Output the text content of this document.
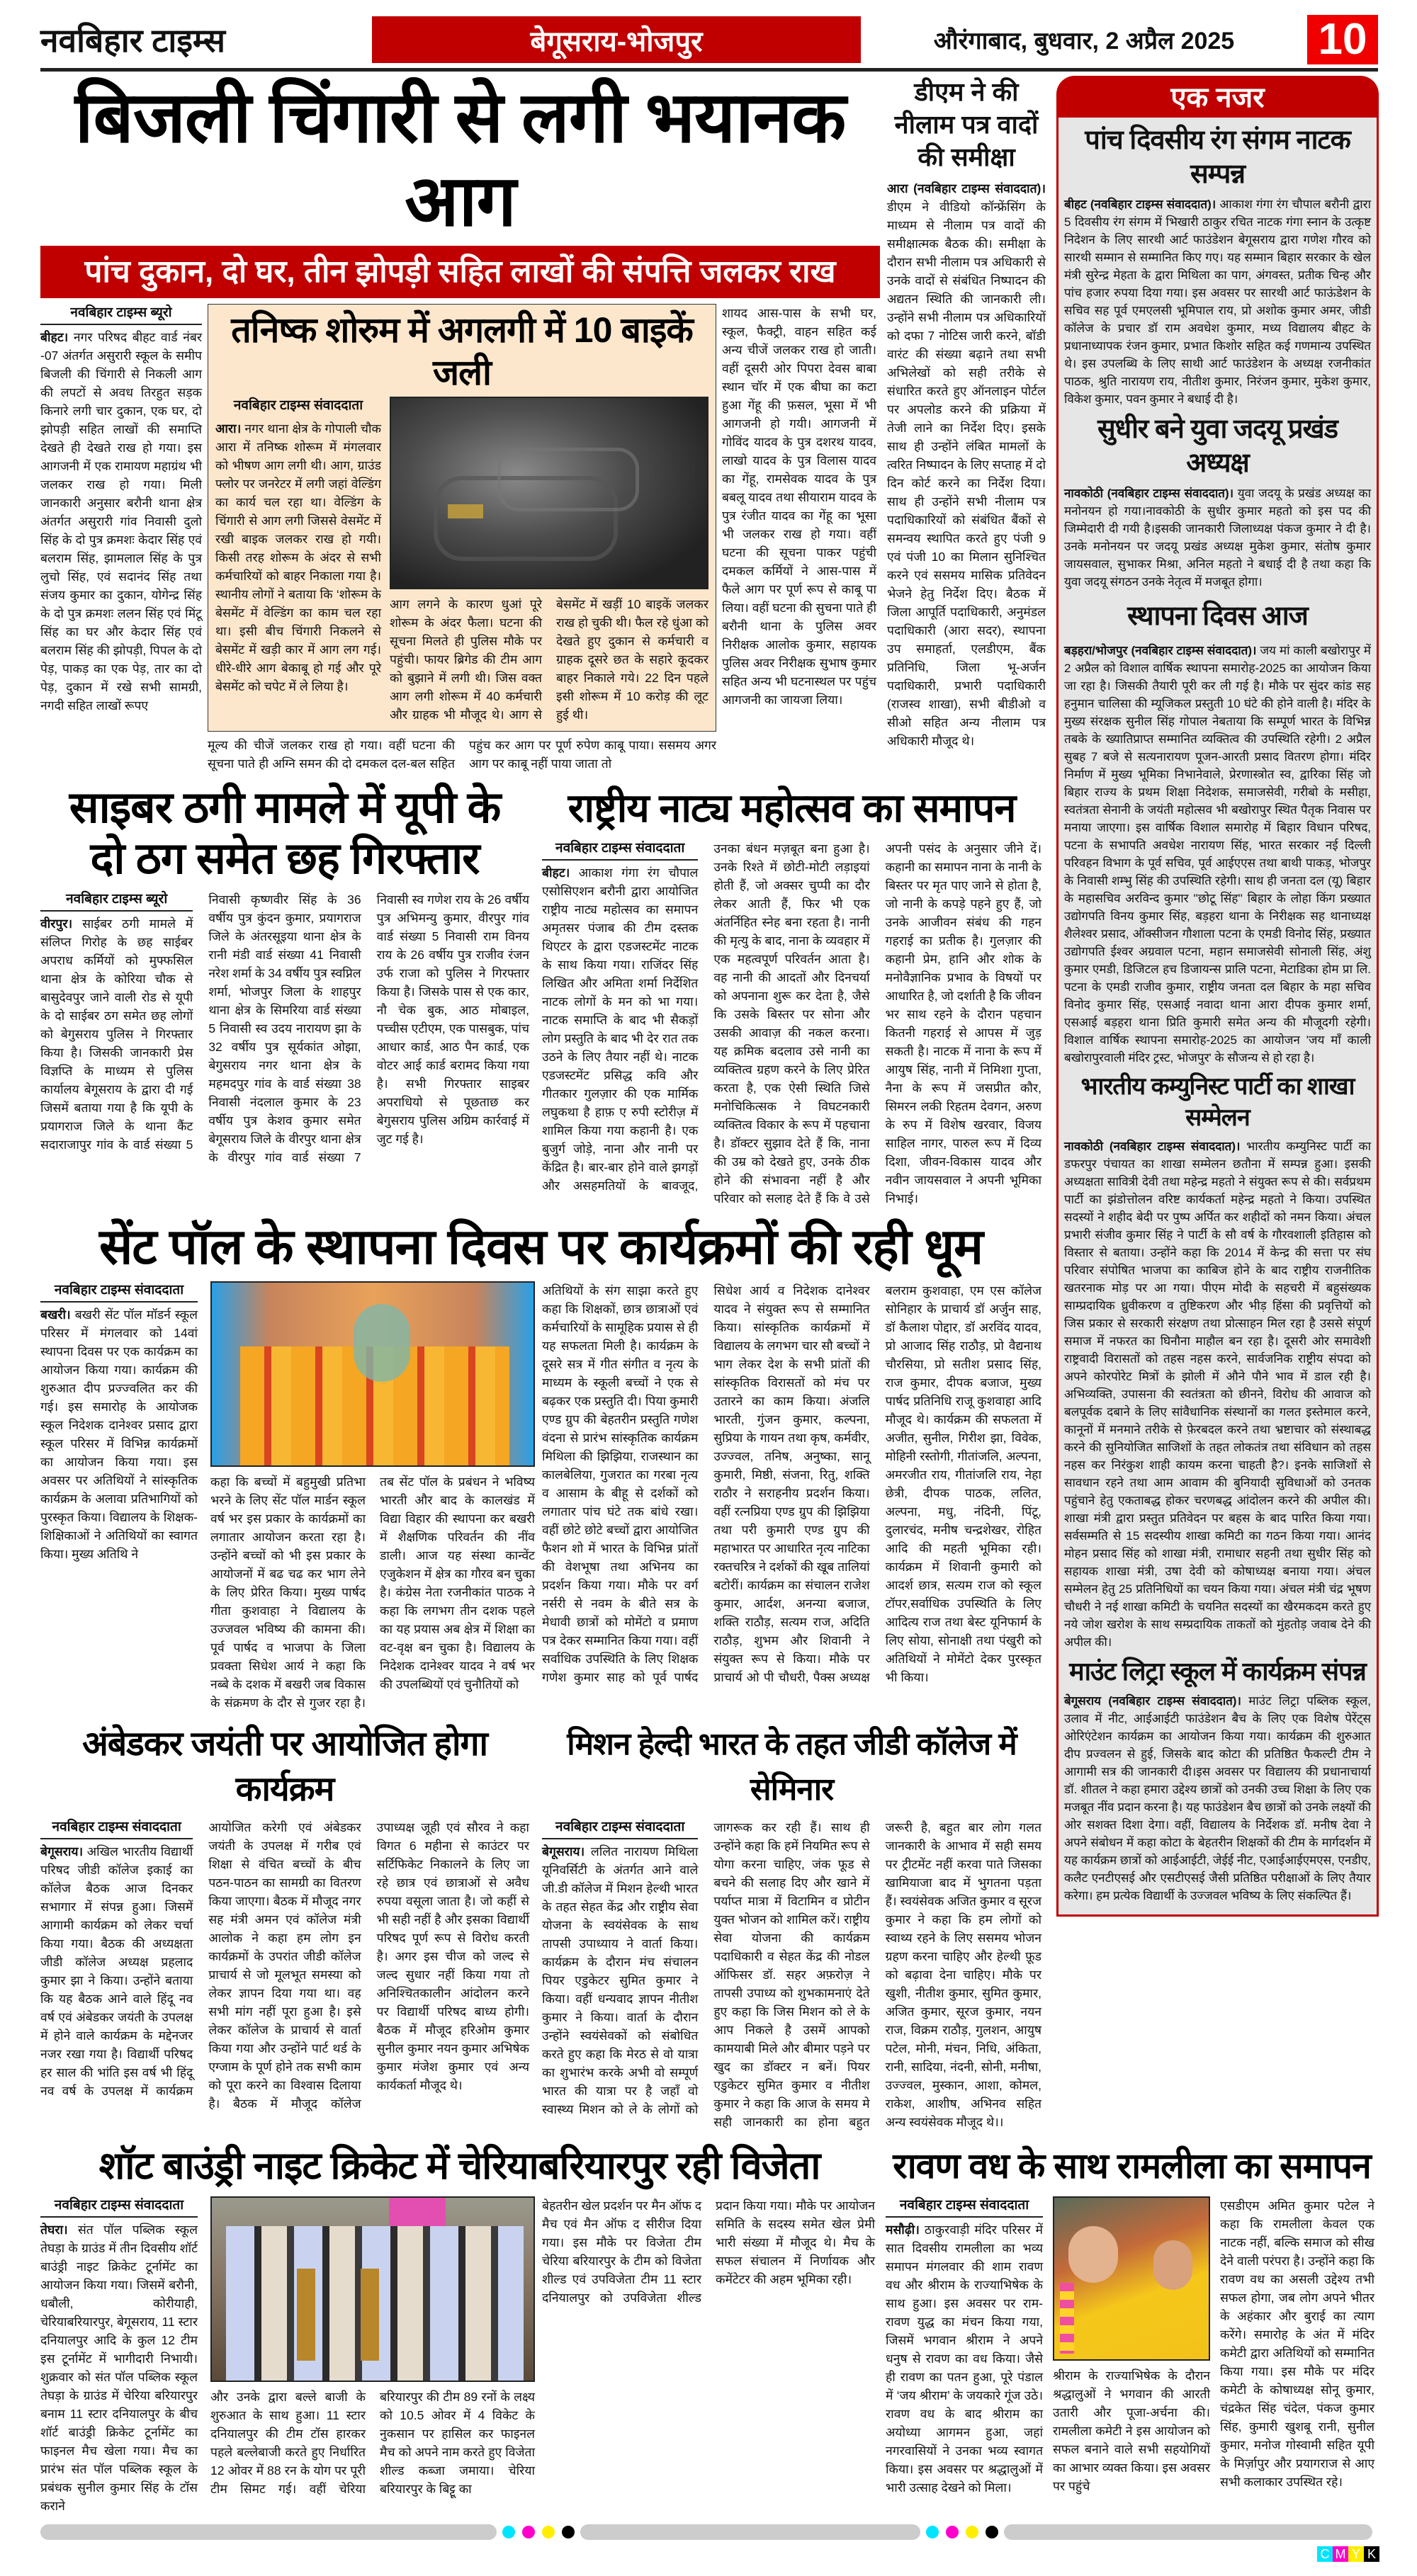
नवबिहार टाइम्स	बेगूसराय-भोजपुर	औरंगाबाद, बुधवार, 2 अप्रैल 2025	10
बिजली चिंगारी से लगी भयानक आग
पांच दुकान, दो घर, तीन झोपड़ी सहित लाखों की संपत्ति जलकर राख
नवबिहार टाइम्स ब्यूरो
बीहट। नगर परिषद बीहट वार्ड नंबर -07 अंतर्गत असुरारी स्कूल के समीप बिजली की चिंगारी से निकली आग की लपटों से अवध तिरहुत सड़क किनारे लगी चार दुकान, एक घर, दो झोपड़ी सहित लाखों की समाप्ति देखते ही देखते राख हो गया। इस आगजनी में एक रामायण महाग्रंथ भी जलकर राख हो गया। मिली जानकारी अनुसार बरौनी थाना क्षेत्र अंतर्गत असुरारी गांव निवासी दुलो सिंह के दो पुत्र क्रमशः केदार सिंह एवं बलराम सिंह, झामलाल सिंह के पुत्र लुचो सिंह, एवं सदानंद सिंह तथा संजय कुमार का दुकान, योगेन्द्र सिंह के दो पुत्र क्रमशः ललन सिंह एवं मिंटू सिंह का घर और केदार सिंह एवं बलराम सिंह की झोपड़ी, पिपल के दो पेड़, पाकड़ का एक पेड़, तार का दो पेड़, दुकान में रखे सभी सामग्री, नगदी सहित लाखों रूपए
तनिष्क शोरुम में अगलगी में 10 बाइकें जली
नवबिहार टाइम्स संवाददाता
आरा। नगर थाना क्षेत्र के गोपाली चौक आरा में तनिष्क शोरूम में मंगलवार को भीषण आग लगी थी। आग, ग्राउंड फ्लोर पर जनरेटर में लगी जहां वेल्डिंग का कार्य चल रहा था। वेल्डिंग के चिंगारी से आग लगी जिससे वेसमेंट में रखी बाइक जलकर राख हो गयी। किसी तरह शोरूम के अंदर से सभी कर्मचारियों को बाहर निकाला गया है। स्थानीय लोगों ने बताया कि ‘शोरूम के बेसमेंट में वेल्डिंग का काम चल रहा था। इसी बीच चिंगारी निकलने से बेसमेंट में खड़ी कार में आग लग गई। धीरे-धीरे आग बेकाबू हो गई और पूरे बेसमेंट को चपेट में ले लिया है।
आग लगने के कारण धुआं पूरे शोरूम के अंदर फैला। घटना की सूचना मिलते ही पुलिस मौके पर पहुंची। फायर ब्रिगेड की टीम आग को बुझाने में लगी थी। जिस वक्त आग लगी शोरूम में 40 कर्मचारी और ग्राहक भी मौजूद थे। आग से बेसमेंट में खड़ीं 10 बाइकें जलकर राख हो चुकी थी। फैल रहे धुंआ को देखते हुए दुकान से कर्मचारी व ग्राहक दूसरे छत के सहारे कूदकर बाहर निकाले गये। 22 दिन पहले इसी शोरूम में 10 करोड़ की लूट हुई थी।
मूल्य की चीजें जलकर राख हो गया। वहीं घटना की सूचना पाते ही अग्नि समन की दो दमकल दल-बल सहित पहुंच कर आग पर पूर्ण रुपेण काबू पाया। ससमय अगर आग पर काबू नहीं पाया जाता तो
शायद आस-पास के सभी घर, स्कूल, फैक्ट्री, वाहन सहित कई अन्य चीजें जलकर राख हो जाती। वहीं दूसरी ओर पिपरा देवस बाबा स्थान चॉर में एक बीघा का कटा हुआ गेंहू की फ़सल, भूसा में भी आगजनी हो गयी। आगजनी में गोविंद यादव के पुत्र दशरथ यादव, लाखो यादव के पुत्र विलास यादव का गेंहू, रामसेवक यादव के पुत्र बबलू यादव तथा सीयाराम यादव के पुत्र रंजीत यादव का गेंहू का भूसा भी जलकर राख हो गया। वहीं घटना की सूचना पाकर पहुंची दमकल कर्मियों ने आस-पास में फैले आग पर पूर्ण रूप से काबू पा लिया। वहीं घटना की सुचना पाते ही बरौनी थाना के पुलिस अवर निरीक्षक आलोक कुमार, सहायक पुलिस अवर निरीक्षक सुभाष कुमार सहित अन्य भी घटनास्थल पर पहुंच आगजनी का जायजा लिया।
डीएम ने की नीलाम पत्र वादों की समीक्षा
आरा (नवबिहार टाइम्स संवाददात)। डीएम ने वीडियो कॉन्फ्रेंसिंग के माध्यम से नीलाम पत्र वादों की समीक्षात्मक बैठक की। समीक्षा के दौरान सभी नीलाम पत्र अधिकारी से उनके वादों से संबंधित निष्पादन की अद्यतन स्थिति की जानकारी ली। उन्होंने सभी नीलाम पत्र अधिकारियों को दफा 7 नोटिस जारी करने, बॉडी वारंट की संख्या बढ़ाने तथा सभी अभिलेखों को सही तरीके से संधारित करते हुए ऑनलाइन पोर्टल पर अपलोड करने की प्रक्रिया में तेजी लाने का निर्देश दिए। इसके साथ ही उन्होंने लंबित मामलों के त्वरित निष्पादन के लिए सप्ताह में दो दिन कोर्ट करने का निर्देश दिया। साथ ही उन्होंने सभी नीलाम पत्र पदाधिकारियों को संबंधित बैंकों से समन्वय स्थापित करते हुए पंजी 9 एवं पंजी 10 का मिलान सुनिश्चित करने एवं ससमय मासिक प्रतिवेदन भेजने हेतु निर्देश दिए। बैठक में जिला आपूर्ति पदाधिकारी, अनुमंडल पदाधिकारी (आरा सदर), स्थापना उप समाहर्ता, एलडीएम, बैंक प्रतिनिधि, जिला भू-अर्जन पदाधिकारी, प्रभारी पदाधिकारी (राजस्व शाखा), सभी बीडीओ व सीओ सहित अन्य नीलाम पत्र अधिकारी मौजूद थे।
साइबर ठगी मामले में यूपी के
दो ठग समेत छह गिरफ्तार
नवबिहार टाइम्स ब्यूरो
वीरपुर। साईबर ठगी मामले में संलिप्त गिरोह के छह साईबर अपराध कर्मियों को मुफ्फसिल थाना क्षेत्र के कोरिया चौक से बासुदेवपुर जाने वाली रोड से यूपी के दो साईबर ठग समेत छह लोगों को बेगुसराय पुलिस ने गिरफ्तार किया है। जिसकी जानकारी प्रेस विज्ञप्ति के माध्यम से पुलिस कार्यालय बेगूसराय के द्वारा दी गई जिसमें बताया गया है कि यूपी के प्रयागराज जिले के थाना कैंट सदाराजापुर गांव के वार्ड संख्या 5 निवासी कृष्णवीर सिंह के 36 वर्षीय पुत्र कुंदन कुमार, प्रयागराज जिले के अंतरसूइया थाना क्षेत्र के रानी मंडी वार्ड संख्या 41 निवासी नरेश शर्मा के 34 वर्षीय पुत्र स्वप्निल शर्मा, भोजपुर जिला के शाहपुर थाना क्षेत्र के सिमरिया वार्ड संख्या 5 निवासी स्व उदय नारायण झा के 32 वर्षीय पुत्र सूर्यकांत ओझा, बेगुसराय नगर थाना क्षेत्र के महमदपुर गांव के वार्ड संख्या 38 निवासी नंदलाल कुमार के 23 वर्षीय पुत्र केशव कुमार समेत बेगूसराय जिले के वीरपुर थाना क्षेत्र के वीरपुर गांव वार्ड संख्या 7 निवासी स्व गणेश राय के 26 वर्षीय पुत्र अभिमन्यु कुमार, वीरपुर गांव वार्ड संख्या 5 निवासी राम विनय राय के 26 वर्षीय पुत्र राजीव रंजन उर्फ राजा को पुलिस ने गिरफ्तार किया है। जिसके पास से एक कार, नौ चेक बुक, आठ मोबाइल, पच्चीस एटीएम, एक पासबुक, पांच आधार कार्ड, आठ पैन कार्ड, एक वोटर आई कार्ड बरामद किया गया है। सभी गिरफ्तार साइबर अपराधियो से पूछताछ कर बेगुसराय पुलिस अग्रिम कार्रवाई में जुट गई है।
राष्ट्रीय नाट्य महोत्सव का समापन
नवबिहार टाइम्स संवाददाता
बीहट। आकाश गंगा रंग चौपाल एसोसिएशन बरौनी द्वारा आयोजित राष्ट्रीय नाट्य महोत्सव का समापन अमृतसर पंजाब की टीम दस्तक थिएटर के द्वारा एडजस्टमेंट नाटक के साथ किया गया। राजिंदर सिंह लिखित और अमिता शर्मा निर्देशित नाटक लोगों के मन को भा गया। नाटक समाप्ति के बाद भी सैकड़ों लोग प्रस्तुति के बाद भी देर रात तक उठने के लिए तैयार नहीं थे। नाटक एडजस्टमेंट प्रसिद्ध कवि और गीतकार गुलज़ार की एक मार्मिक लघुकथा है हाफ़ ए रुपी स्टोरीज़ में शामिल किया गया कहानी है। एक बुजुर्ग जोड़े, नाना और नानी पर केंद्रित है। बार-बार होने वाले झगड़ों और असहमतियों के बावजूद, उनका बंधन मज़बूत बना हुआ है। उनके रिश्ते में छोटी-मोटी लड़ाइयां होती हैं, जो अक्सर चुप्पी का दौर लेकर आती हैं, फिर भी एक अंतर्निहित स्नेह बना रहता है। नानी की मृत्यु के बाद, नाना के व्यवहार में एक महत्वपूर्ण परिवर्तन आता है। वह नानी की आदतों और दिनचर्या को अपनाना शुरू कर देता है, जैसे कि उसके बिस्तर पर सोना और उसकी आवाज़ की नकल करना। यह क्रमिक बदलाव उसे नानी का व्यक्तित्व ग्रहण करने के लिए प्रेरित करता है, एक ऐसी स्थिति जिसे मनोचिकित्सक ने विघटनकारी व्यक्तित्व विकार के रूप में पहचाना है। डॉक्टर सुझाव देते हैं कि, नाना की उम्र को देखते हुए, उनके ठीक होने की संभावना नहीं है और परिवार को सलाह देते हैं कि वे उसे अपनी पसंद के अनुसार जीने दें। कहानी का समापन नाना के नानी के बिस्तर पर मृत पाए जाने से होता है, जो नानी के कपड़े पहने हुए हैं, जो उनके आजीवन संबंध की गहन गहराई का प्रतीक है। गुलज़ार की कहानी प्रेम, हानि और शोक के मनोवैज्ञानिक प्रभाव के विषयों पर आधारित है, जो दर्शाती है कि जीवन भर साथ रहने के दौरान पहचान कितनी गहराई से आपस में जुड़ सकती है। नाटक में नाना के रूप में आयुष सिंह, नानी में निमिशा गुप्ता, नैना के रूप में जसप्रीत कौर, सिमरन लकी रिहतम देवगन, अरुण के रुप में विशेष खरवार, विजय साहिल नागर, पारुल रूप में दिव्य दिशा, जीवन-विकास यादव और नवीन जायसवाल ने अपनी भूमिका निभाई।
सेंट पॉल के स्थापना दिवस पर कार्यक्रमों की रही धूम
नवबिहार टाइम्स संवाददाता
बखरी। बखरी सेंट पॉल मॉडर्न स्कूल परिसर में मंगलवार को 14वां स्थापना दिवस पर एक कार्यक्रम का आयोजन किया गया। कार्यक्रम की शुरुआत दीप प्रज्ज्वलित कर की गई। इस समारोह के आयोजक स्कूल निदेशक दानेश्वर प्रसाद द्वारा स्कूल परिसर में विभिन्न कार्यक्रमों का आयोजन किया गया। इस अवसर पर अतिथियों ने सांस्कृतिक कार्यक्रम के अलावा प्रतिभागियों को पुरस्कृत किया। विद्यालय के शिक्षक-शिक्षिकाओं ने अतिथियों का स्वागत किया। मुख्य अतिथि ने
कहा कि बच्चों में बहुमुखी प्रतिभा भरने के लिए सेंट पॉल मार्डन स्कूल वर्ष भर इस प्रकार के कार्यक्रमों का लगातार आयोजन करता रहा है। उन्होंने बच्चों को भी इस प्रकार के आयोजनों में बढ चढ कर भाग लेने के लिए प्रेरित किया। मुख्य पार्षद गीता कुशवाहा ने विद्यालय के उज्जवल भविष्य की कामना की। पूर्व पार्षद व भाजपा के जिला प्रवक्ता सिधेश आर्य ने कहा कि नब्बे के दशक में बखरी जब विकास के संक्रमण के दौर से गुजर रहा है। तब सेंट पॉल के प्रबंधन ने भविष्य भारती और बाद के कालखंड में विद्या विहार की स्थापना कर बखरी में शैक्षणिक परिवर्तन की नींव डाली। आज यह संस्था कान्वेंट एजुकेशन में क्षेत्र का गौरव बन चुका है। कंग्रेस नेता रजनीकांत पाठक ने कहा कि लगभग तीन दशक पहले का यह प्रयास अब क्षेत्र में शिक्षा का वट-वृक्ष बन चुका है। विद्यालय के निदेशक दानेश्वर यादव ने वर्ष भर की उपलब्धियों एवं चुनौतियों को
अतिथियों के संग साझा करते हुए कहा कि शिक्षकों, छात्र छात्राओं एवं कर्मचारियों के सामूहिक प्रयास से ही यह सफलता मिली है। कार्यक्रम के दूसरे सत्र में गीत संगीत व नृत्य के माध्यम के स्कूली बच्चों ने एक से बढ़कर एक प्रस्तुति दी। पिया कुमारी एण्ड ग्रुप की बेहतरीन प्रस्तुति गणेश वंदना से प्रारंभ सांस्कृतिक कार्यक्रम मिथिला की झिझिया, राजस्थान का कालबेलिया, गुजरात का गरबा नृत्य व आसाम के बीहू से दर्शकों को लगातार पांच घंटे तक बांधे रखा। वहीं छोटे छोटे बच्चों द्वारा आयोजित फैशन शो में भारत के विभिन्न प्रांतों की वेशभूषा तथा अभिनय का प्रदर्शन किया गया। मौके पर वर्ग नर्सरी से नवम के बीते सत्र के मेधावी छात्रों को मोमेंटो व प्रमाण पत्र देकर सम्मानित किया गया। वहीं सर्वाधिक उपस्थिति के लिए शिक्षक गणेश कुमार साह को पूर्व पार्षद सिधेश आर्य व निदेशक दानेश्वर यादव ने संयुक्त रूप से सम्मानित किया। सांस्कृतिक कार्यक्रमों में विद्यालय के लगभग चार सौ बच्चों ने भाग लेकर देश के सभी प्रांतों की सांस्कृतिक विरासतों को मंच पर उतारने का काम किया। अंजलि भारती, गुंजन कुमार, कल्पना, सुप्रिया के गायन तथा कृष, कर्मवीर, उज्ज्वल, तनिष, अनुष्का, सानू कुमारी, मिष्ठी, संजना, रितु, शक्ति राठौर ने सराहनीय प्रदर्शन किया। वहीं रत्नप्रिया एण्ड ग्रुप की झिझिया तथा परी कुमारी एण्ड ग्रुप की महाभारत पर आधारित नृत्य नाटिका रक्तचरित्र ने दर्शकों की खूब तालियां बटोरीं। कार्यक्रम का संचालन राजेश कुमार, आर्दश, अनन्या बजाज, शक्ति राठौड़, सत्यम राज, अदिति राठौड़, शुभम और शिवानी ने संयुक्त रूप से किया। मौके पर प्राचार्य ओ पी चौधरी, पैक्स अध्यक्ष बलराम कुशवाहा, एम एस कॉलेज सोनिहार के प्राचार्य डॉ अर्जुन साह, डॉ कैलाश पोद्दार, डॉ अरविंद यादव, प्रो आजाद सिंह राठौड़, प्रो वैद्यनाथ चौरसिया, प्रो सतीश प्रसाद सिंह, राज कुमार, दीपक बजाज, मुख्य पार्षद प्रतिनिधि राजू कुशवाहा आदि मौजूद थे। कार्यक्रम की सफलता में अजीत, सुनील, गिरीश झा, विवेक, मोहिनी रस्तोगी, गीतांजलि, अल्पना, अमरजीत राय, गीतांजलि राय, नेहा छेत्री, दीपक पाठक, ललित, अल्पना, मधु, नंदिनी, पिंटू, दुलारचंद, मनीष चन्द्रशेखर, रोहित आदि की महती भूमिका रही। कार्यक्रम में शिवानी कुमारी को आदर्श छात्र, सत्यम राज को स्कूल टॉपर,सर्वाधिक उपस्थिति के लिए आदित्य राज तथा बेस्ट यूनिफार्म के लिए सोया, सोनाक्षी तथा पंखुरी को अतिथियों ने मोमेंटो देकर पुरस्कृत भी किया।
अंबेडकर जयंती पर आयोजित होगा कार्यक्रम
नवबिहार टाइम्स संवाददाता
बेगूसराय। अखिल भारतीय विद्यार्थी परिषद जीडी कॉलेज इकाई का कॉलेज बैठक आज दिनकर सभागार में संपन्न हुआ। जिसमें आगामी कार्यक्रम को लेकर चर्चा किया गया। बैठक की अध्यक्षता जीडी कॉलेज अध्यक्ष प्रहलाद कुमार झा ने किया। उन्होंने बताया कि यह बैठक आने वाले हिंदू नव वर्ष एवं अंबेडकर जयंती के उपलक्ष में होने वाले कार्यक्रम के मद्देनजर नजर रखा गया है। विद्यार्थी परिषद हर साल की भांति इस वर्ष भी हिंदू नव वर्ष के उपलक्ष में कार्यक्रम आयोजित करेगी एवं अंबेडकर जयंती के उपलक्ष में गरीब एवं शिक्षा से वंचित बच्चों के बीच पठन-पाठन का सामग्री का वितरण किया जाएगा। बैठक में मौजूद नगर सह मंत्री अमन एवं कॉलेज मंत्री आलोक ने कहा हम लोग इन कार्यक्रमों के उपरांत जीडी कॉलेज प्राचार्य से जो मूलभूत समस्या को लेकर ज्ञापन दिया गया था। वह सभी मांग नहीं पूरा हुआ है। इसे लेकर कॉलेज के प्राचार्य से वार्ता किया गया और उन्होंने पार्ट थर्ड के एग्जाम के पूर्ण होने तक सभी काम को पूरा करने का विश्वास दिलाया है। बैठक में मौजूद कॉलेज उपाध्यक्ष जूही एवं सौरव ने कहा विगत 6 महीना से काउंटर पर सर्टिफिकेट निकालने के लिए जा रहे छात्र एवं छात्राओं से अवैध रुपया वसूला जाता है। जो कहीं से भी सही नहीं है और इसका विद्यार्थी परिषद पूर्ण रूप से विरोध करती है। अगर इस चीज को जल्द से जल्द सुधार नहीं किया गया तो अनिश्चितकालीन आंदोलन करने पर विद्यार्थी परिषद बाध्य होगी। बैठक में मौजूद हरिओम कुमार सुनील कुमार नयन कुमार अभिषेक कुमार मंजेश कुमार एवं अन्य कार्यकर्ता मौजूद थे।
मिशन हेल्दी भारत के तहत जीडी कॉलेज में सेमिनार
नवबिहार टाइम्स संवाददाता
बेगूसराय। ललित नारायण मिथिला यूनिवर्सिटी के अंतर्गत आने वाले जी.डी कॉलेज में मिशन हेल्थी भारत के तहत सेहत केंद्र और राष्ट्रीय सेवा योजना के स्वयंसेवक के साथ तापसी उपाध्याय ने वार्ता किया। कार्यक्रम के दौरान मंच संचालन पियर एडुकेटर सुमित कुमार ने किया। वहीं धन्यवाद ज्ञापन नीतीश कुमार ने किया। वार्ता के दौरान उन्होंने स्वयंसेवकों को संबोधित करते हुए कहा कि मेरठ से वो यात्रा का शुभारंभ करके अभी वो सम्पूर्ण भारत की यात्रा पर है जहाँ वो स्वास्थ्य मिशन को ले के लोगों को जागरूक कर रही हैं। साथ ही उन्होंने कहा कि हमें नियमित रूप से योगा करना चाहिए, जंक फूड से बचने की सलाह दिए और खाने में पर्याप्त मात्रा में विटामिन व प्रोटीन युक्त भोजन को शामिल करें। राष्ट्रीय सेवा योजना की कार्यक्रम पदाधिकारी व सेहत केंद्र की नोडल ऑफिसर डॉ. सहर अफ़रोज़ ने तापसी उपाध्य को शुभकामनाएं देते हुए कहा कि जिस मिशन को ले के आप निकले है उसमें आपको कामयाबी मिले और बीमार पड़ने पर खुद का डॉक्टर न बनें। पियर एडुकेटर सुमित कुमार व नीतीश कुमार ने कहा कि आज के समय मे सही जानकारी का होना बहुत जरूरी है, बहुत बार लोग गलत जानकारी के आभाव में सही समय पर ट्रीटमेंट नहीं करवा पाते जिसका खामियाजा बाद में भुगतना पड़ता हैं। स्वयंसेवक अजित कुमार व सूरज कुमार ने कहा कि हम लोगों को स्वाथ्य रहने के लिए ससमय भोजन ग्रहण करना चाहिए और हेल्थी फ़ूड को बढ़ावा देना चाहिए। मौके पर खुशी, नीतीश कुमार, सुमित कुमार, अजित कुमार, सूरज कुमार, नयन राज, विक्रम राठौड़, गुलशन, आयुष पटेल, मोनी, मंचन, निधि, अंकिता, रानी, सादिया, नंदनी, सोनी, मनीषा, उज्ज्वल, मुस्कान, आशा, कोमल, राकेश, आशीष, अभिनव सहित अन्य स्वयंसेवक मौजूद थे।।
एक नजर
पांच दिवसीय रंग संगम नाटक सम्पन्न

बीहट (नवबिहार टाइम्स संवाददात)। आकाश गंगा रंग चौपाल बरौनी द्वारा 5 दिवसीय रंग संगम में भिखारी ठाकुर रचित नाटक गंगा स्नान के उत्कृष्ट निदेशन के लिए सारथी आर्ट फाउंडेशन बेगूसराय द्वारा गणेश गौरव को सारथी सम्मान से सम्मानित किए गए। यह सम्मान बिहार सरकार के खेल मंत्री सुरेन्द्र मेहता के द्वारा मिथिला का पाग, अंगवस्त, प्रतीक चिन्ह और पांच हजार रुपया दिया गया। इस अवसर पर सारथी आर्ट फाऊंडेशन के सचिव सह पूर्व एमएलसी भूमिपाल राय, प्रो अशोक कुमार अमर, जीडी कॉलेज के प्रचार डॉ राम अवधेश कुमार, मध्य विद्यालय बीहट के प्रधानाध्यापक रंजन कुमार, प्रभात किशोर सहित कई गणमान्य उपस्थित थे। इस उपलब्धि के लिए साथी आर्ट फाउंडेशन के अध्यक्ष रजनीकांत पाठक, श्रुति नारायण राय, नीतीश कुमार, निरंजन कुमार, मुकेश कुमार, विकेश कुमार, पवन कुमार ने बधाई दी है।

सुधीर बने युवा जदयू प्रखंड अध्यक्ष

नावकोठी (नवबिहार टाइम्स संवाददात)। युवा जदयू के प्रखंड अध्यक्ष का मनोनयन हो गया।नावकोठी के सुधीर कुमार महतो को इस पद की जिम्मेदारी दी गयी है।इसकी जानकारी जिलाध्यक्ष पंकज कुमार ने दी है। उनके मनोनयन पर जदयू प्रखंड अध्यक्ष मुकेश कुमार, संतोष कुमार जायसवाल, सुभाकर मिश्रा, अनिल महतो ने बधाई दी है तथा कहा कि युवा जदयू संगठन उनके नेतृत्व में मजबूत होगा।

स्थापना दिवस आज

बड़हरा/भोजपुर (नवबिहार टाइम्स संवाददात)। जय मां काली बखोरापुर में 2 अप्रैल को विशाल वार्षिक स्थापना समारोह-2025 का आयोजन किया जा रहा है। जिसकी तैयारी पूरी कर ली गई है। मौके पर सुंदर कांड सह हनुमान चालिसा की म्यूजिकल प्रस्तुती 10 घंटे की होने वाली है। मंदिर के मुख्य संरक्षक सुनील सिंह गोपाल नेबताया कि सम्पूर्ण भारत के विभिन्न तबके के ख्यातिप्राप्त सम्मानित व्यक्तित्व की उपस्थिति रहेगी। 2 अप्रैल सुबह 7 बजे से सत्यनारायण पूजन-आरती प्रसाद वितरण होगा। मंदिर निर्माण में मुख्य भूमिका निभानेवाले, प्रेरणास्त्रोत स्व, द्वारिका सिंह जो बिहार राज्य के प्रथम शिक्षा निदेशक, समाजसेवी, गरीबो के मसीहा, स्वतंत्रता सेनानी के जयंती महोत्सव भी बखोरापुर स्थित पैतृक निवास पर मनाया जाएगा। इस वार्षिक विशाल समारोह में बिहार विधान परिषद, पटना के सभापति अवधेश नारायण सिंह, भारत सरकार नई दिल्ली परिवहन विभाग के पूर्व सचिव, पूर्व आईएएस तथा बाथी पाकड़, भोजपुर के निवासी शम्भु सिंह की उपस्थिति रहेगी। साथ ही जनता दल (यू) बिहार के महासचिव अरविन्द कुमार ''छोटू सिंह'' बिहार के लोहा किंग प्रख्यात उद्योगपति विनय कुमार सिंह, बड़हरा थाना के निरीक्षक सह थानाध्यक्ष शैलेश्वर प्रसाद, ऑक्सीजन गौशाला पटना के एमडी विनोद सिंह, प्रख्यात उद्योगपति ईश्वर अग्रवाल पटना, महान समाजसेवी सोनाली सिंह, अंशु कुमार एमडी, डिजिटल हच डिजायन्स प्रालि पटना, मेटाडिका होम प्रा लि. पटना के एमडी राजीव कुमार, राष्ट्रीय जनता दल बिहार के महा सचिव विनोद कुमार सिंह, एसआई नवादा थाना आरा दीपक कुमार शर्मा, एसआई बड़हरा थाना प्रिति कुमारी समेत अन्य की मौजूदगी रहेगी। विशाल वार्षिक स्थापना समारोह-2025 का आयोजन 'जय माँ काली बखोरापुरवाली मंदिर ट्रस्ट, भोजपुर' के सौजन्य से हो रहा है।

भारतीय कम्युनिस्ट पार्टी का शाखा सम्मेलन

नावकोठी (नवबिहार टाइम्स संवाददात)। भारतीय कम्युनिस्ट पार्टी का डफरपुर पंचायत का शाखा सम्मेलन छतौना में सम्पन्न हुआ। इसकी अध्यक्षता सावित्री देवी तथा महेन्द्र महतो ने संयुक्त रूप से की। सर्वप्रथम पार्टी का झंडोत्तोलन वरिष्ट कार्यकर्ता महेन्द्र महतो ने किया। उपस्थित सदस्यों ने शहीद बेदी पर पुष्प अर्पित कर शहीदों को नमन किया। अंचल प्रभारी संजीव कुमार सिंह ने पार्टी के सौ वर्ष के गौरवशाली इतिहास को विस्तार से बताया। उन्होंने कहा कि 2014 में केन्द्र की सत्ता पर संघ परिवार संपोषित भाजपा का काबिज होने के बाद राष्ट्रीय राजनीतिक खतरनाक मोड़ पर आ गया। पीएम मोदी के सहचरी में बहुसंख्यक साम्प्रदायिक ध्रुवीकरण व तुष्टिकरण और भीड़ हिंसा की प्रवृत्तियों को जिस प्रकार से सरकारी संरक्षण तथा प्रोत्साहन मिल रहा है उससे संपूर्ण समाज में नफरत का घिनौना माहौल बन रहा है। दूसरी ओर समावेशी राष्ट्रवादी विरासतों को तहस नहस करने, सार्वजनिक राष्ट्रीय संपदा को अपने कोरपोरेट मित्रों के झोली में औने पौने भाव में डाल रही है। अभिव्यक्ति, उपासना की स्वतंत्रता को छीनने, विरोध की आवाज को बलपूर्वक दबाने के लिए सांवैधानिक संस्थानों का गलत इस्तेमाल करने, कानूनों में मनमाने तरीके से फ़ेरबदल करने तथा भ्रष्टाचार को संस्थाबद्ध करने की सुनियोजित साजिशों के तहत लोकतंत्र तथा संविधान को तहस नहस कर निरंकुश शाही कायम करना चाहती है?। इनके साजिशों से सावधान रहने तथा आम आवाम की बुनियादी सुविधाओं को उनतक पहुंचाने हेतु एकताबद्ध होकर चरणबद्ध आंदोलन करने की अपील की। शाखा मंत्री द्वारा प्रस्तुत प्रतिवेदन पर बहस के बाद पारित किया गया।सर्वसम्मति से 15 सदस्यीय शाखा कमिटी का गठन किया गया। आनंद मोहन प्रसाद सिंह को शाखा मंत्री, रामाधार सहनी तथा सुधीर सिंह को सहायक शाखा मंत्री, उषा देवी को कोषाध्यक्ष बनाया गया। अंचल सम्मेलन हेतु 25 प्रतिनिधियों का चयन किया गया। अंचल मंत्री चंद्र भूषण चौधरी ने नई शाखा कमिटी के चयनित सदस्यों का खैरमकदम करते हुए नये जोश खरोश के साथ सम्प्रदायिक ताकतों को मुंहतोड़ जवाब देने की अपील की।

माउंट लिट्रा स्कूल में कार्यक्रम संपन्न

बेगूसराय (नवबिहार टाइम्स संवाददात)। माउंट लिट्रा पब्लिक स्कूल, उलाव में नीट, आईआईटी फाउंडेशन बैच के लिए एक विशेष पेरेंट्स ओरिएंटेशन कार्यक्रम का आयोजन किया गया। कार्यक्रम की शुरुआत दीप प्रज्वलन से हुई, जिसके बाद कोटा की प्रतिष्ठित फैकल्टी टीम ने आगामी सत्र की जानकारी दी।इस अवसर पर विद्यालय की प्रधानाचार्या डॉ. शीतल ने कहा हमारा उद्देश्य छात्रों को उनकी उच्च शिक्षा के लिए एक मजबूत नींव प्रदान करना है। यह फाउंडेशन बैच छात्रों को उनके लक्ष्यों की ओर सशक्त दिशा देगा। वहीं, विद्यालय के निर्देशक डॉ. मनीष देवा ने अपने संबोधन में कहा कोटा के बेहतरीन शिक्षकों की टीम के मार्गदर्शन में यह कार्यक्रम छात्रों को आईआईटी, जेईई नीट, एआईआईएमएस, एनडीए, कलैट एनटीएसई और एसटीएसई जैसी प्रतिष्ठित परीक्षाओं के लिए तैयार करेगा। हम प्रत्येक विद्यार्थी के उज्जवल भविष्य के लिए संकल्पित हैं।

शॉट बाउंड्री नाइट क्रिकेट में चेरियाबरियारपुर रही विजेता
नवबिहार टाइम्स संवाददाता
तेघरा। संत पॉल पब्लिक स्कूल तेघड़ा के ग्राउंड में तीन दिवसीय शॉर्ट बाउंड्री नाइट क्रिकेट टूर्नामेंट का आयोजन किया गया। जिसमें बरौनी, धबौली, कोरीयाही, चेरियाबरियारपुर, बेगूसराय, 11 स्टार दनियालपुर आदि के कुल 12 टीम इस टूर्नामेंट में भागीदारी निभायी। शुक्रवार को संत पॉल पब्लिक स्कूल तेघड़ा के ग्राउंड में चेरिया बरियारपुर बनाम 11 स्टार दनियालपुर के बीच शॉर्ट बाउंड्री क्रिकेट टूर्नामेंट का फाइनल मैच खेला गया। मैच का प्रारंभ संत पॉल पब्लिक स्कूल के प्रबंधक सुनील कुमार सिंह के टॉस कराने
और उनके द्वारा बल्ले बाजी के शुरुआत के साथ हुआ। 11 स्टार दनियालपुर की टीम टॉस हारकर पहले बल्लेबाजी करते हुए निर्धारित 12 ओवर में 88 रन के योग पर पूरी टीम सिमट गई। वहीं चेरिया बरियारपुर की टीम 89 रनों के लक्ष्य को 10.5 ओवर में 4 विकेट के नुकसान पर हासिल कर फाइनल मैच को अपने नाम करते हुए विजेता शील्ड कब्जा जमाया। चेरिया बरियारपुर के बिट्टू का
बेहतरीन खेल प्रदर्शन पर मैन ऑफ द मैच एवं मैन ऑफ द सीरीज दिया गया। इस मौके पर विजेता टीम चेरिया बरियारपुर के टीम को विजेता शील्ड एवं उपविजेता टीम 11 स्टार दनियालपुर को उपविजेता शील्ड प्रदान किया गया। मौके पर आयोजन समिति के सदस्य समेत खेल प्रेमी भारी संख्या में मौजूद थे। मैच के सफल संचालन में निर्णायक और कमेंटेटर की अहम भूमिका रही।
रावण वध के साथ रामलीला का समापन
नवबिहार टाइम्स संवाददाता
मसौढ़ी। ठाकुरवाड़ी मंदिर परिसर में सात दिवसीय रामलीला का भव्य समापन मंगलवार की शाम रावण वध और श्रीराम के राज्याभिषेक के साथ हुआ। इस अवसर पर राम-रावण युद्ध का मंचन किया गया, जिसमें भगवान श्रीराम ने अपने धनुष से रावण का वध किया। जैसे ही रावण का पतन हुआ, पूरे पंडाल में ‘जय श्रीराम’ के जयकारे गूंज उठे। रावण वध के बाद श्रीराम का अयोध्या आगमन हुआ, जहां नगरवासियों ने उनका भव्य स्वागत किया। इस अवसर पर श्रद्धालुओं में भारी उत्साह देखने को मिला।
श्रीराम के राज्याभिषेक के दौरान श्रद्धालुओं ने भगवान की आरती उतारी और पूजा-अर्चना की। रामलीला कमेटी ने इस आयोजन को सफल बनाने वाले सभी सहयोगियों का आभार व्यक्त किया। इस अवसर पर पहुंचे
एसडीएम अमित कुमार पटेल ने कहा कि रामलीला केवल एक नाटक नहीं, बल्कि समाज को सीख देने वाली परंपरा है। उन्होंने कहा कि रावण वध का असली उद्देश्य तभी सफल होगा, जब लोग अपने भीतर के अहंकार और बुराई का त्याग करेंगे। समारोह के अंत में मंदिर कमेटी द्वारा अतिथियों को सम्मानित किया गया। इस मौके पर मंदिर कमेटी के कोषाध्यक्ष सोनू कुमार, चंद्रकेत सिंह चंदेल, पंकज कुमार सिंह, कुमारी खुशबू रानी, सुनील कुमार, मनोज गोस्वामी सहित यूपी के मिर्ज़ापुर और प्रयागराज से आए सभी कलाकार उपस्थित रहे।
C M Y K
